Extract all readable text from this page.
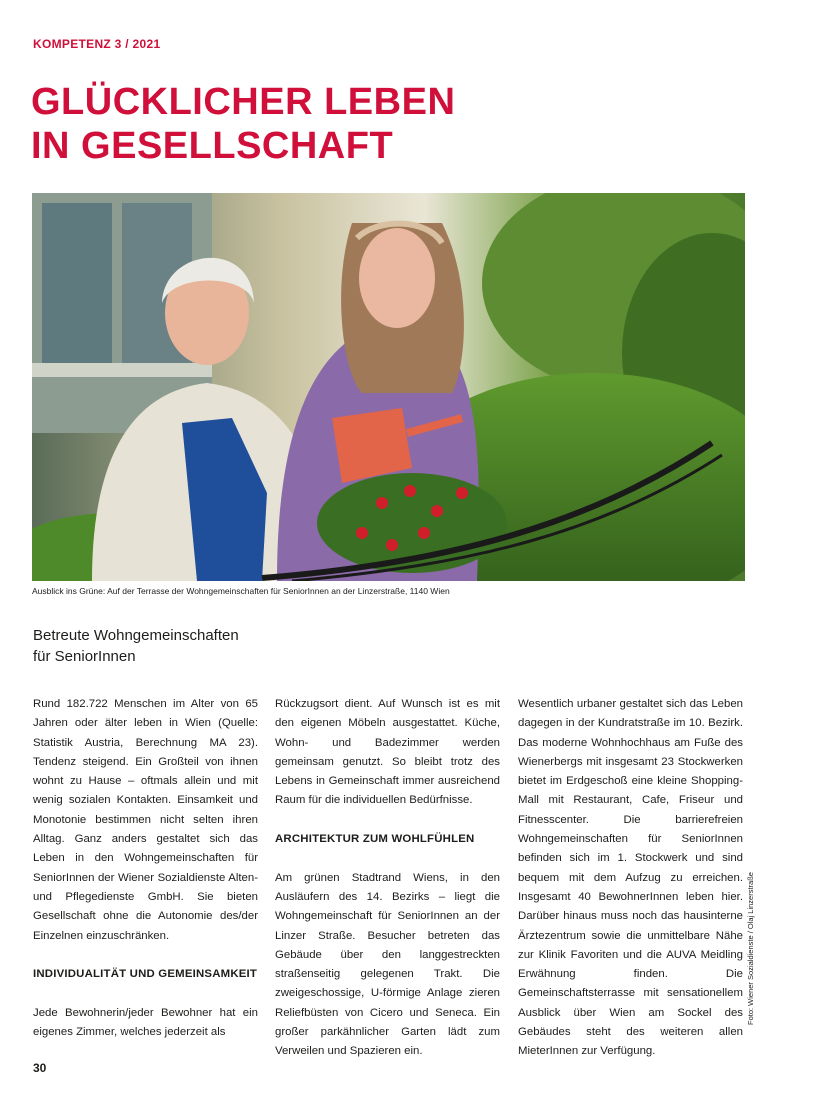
KOMPETENZ 3 / 2021
GLÜCKLICHER LEBEN
IN GESELLSCHAFT
Ausblick ins Grüne: Auf der Terrasse der Wohngemeinschaften für SeniorInnen an der Linzerstraße, 1140 Wien
Betreute Wohngemeinschaften
für SeniorInnen

Rund 182.722 Menschen im Alter von 65 Jahren oder älter leben in Wien (Quelle: Statistik Austria, Berechnung MA 23). Tendenz steigend. Ein Großteil von ihnen wohnt zu Hause – oftmals allein und mit wenig sozialen Kontakten. Einsamkeit und Monotonie bestimmen nicht selten ihren Alltag. Ganz anders gestaltet sich das Leben in den Wohngemeinschaften für SeniorInnen der Wiener Sozialdienste Alten- und Pflegedienste GmbH. Sie bieten Gesellschaft ohne die Autonomie des/der Einzelnen einzuschränken.

INDIVIDUALITÄT UND GEMEINSAMKEIT

Jede Bewohnerin/jeder Bewohner hat ein eigenes Zimmer, welches jederzeit als

Rückzugsort dient. Auf Wunsch ist es mit den eigenen Möbeln ausgestattet. Küche, Wohn- und Badezimmer werden gemeinsam genutzt. So bleibt trotz des Lebens in Gemeinschaft immer ausreichend Raum für die individuellen Bedürfnisse.

ARCHITEKTUR ZUM WOHLFÜHLEN

Am grünen Stadtrand Wiens, in den Ausläufern des 14. Bezirks – liegt die Wohngemeinschaft für SeniorInnen an der Linzer Straße. Besucher betreten das Gebäude über den langgestreckten straßenseitig gelegenen Trakt. Die zweigeschossige, U-förmige Anlage zieren Reliefbüsten von Cicero und Seneca. Ein großer parkähnlicher Garten lädt zum Verweilen und Spazieren ein.

Wesentlich urbaner gestaltet sich das Leben dagegen in der Kundratstraße im 10. Bezirk. Das moderne Wohnhochhaus am Fuße des Wienerbergs mit insgesamt 23 Stockwerken bietet im Erdgeschoß eine kleine Shopping-Mall mit Restaurant, Cafe, Friseur und Fitnesscenter. Die barrierefreien Wohngemeinschaften für SeniorInnen befinden sich im 1. Stockwerk und sind bequem mit dem Aufzug zu erreichen. Insgesamt 40 BewohnerInnen leben hier. Darüber hinaus muss noch das hausinterne Ärztezentrum sowie die unmittelbare Nähe zur Klinik Favoriten und die AUVA Meidling Erwähnung finden. Die Gemeinschaftsterrasse mit sensationellem Ausblick über Wien am Sockel des Gebäudes steht des weiteren allen MieterInnen zur Verfügung.

Foto: Wiener Sozialdienste / Olaj Linzerstraße
30
